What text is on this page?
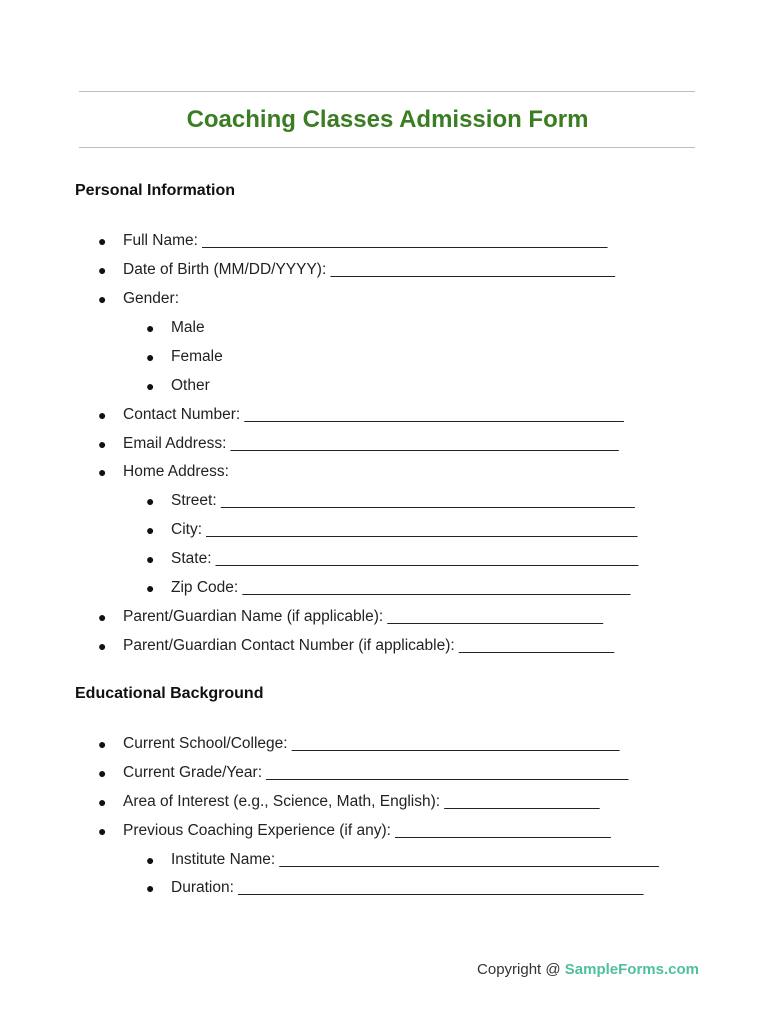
Coaching Classes Admission Form
Personal Information
● Full Name: _______________________________________________
● Date of Birth (MM/DD/YYYY): _________________________________
● Gender:
● Male
● Female
● Other
● Contact Number: ____________________________________________
● Email Address: _____________________________________________
● Home Address:
● Street: ________________________________________________
● City: __________________________________________________
● State: _________________________________________________
● Zip Code: _____________________________________________
● Parent/Guardian Name (if applicable): _________________________
● Parent/Guardian Contact Number (if applicable): __________________
Educational Background
● Current School/College: ______________________________________
● Current Grade/Year: __________________________________________
● Area of Interest (e.g., Science, Math, English): __________________
● Previous Coaching Experience (if any): _________________________
● Institute Name: ____________________________________________
● Duration: _______________________________________________
Copyright @ SampleForms.com
